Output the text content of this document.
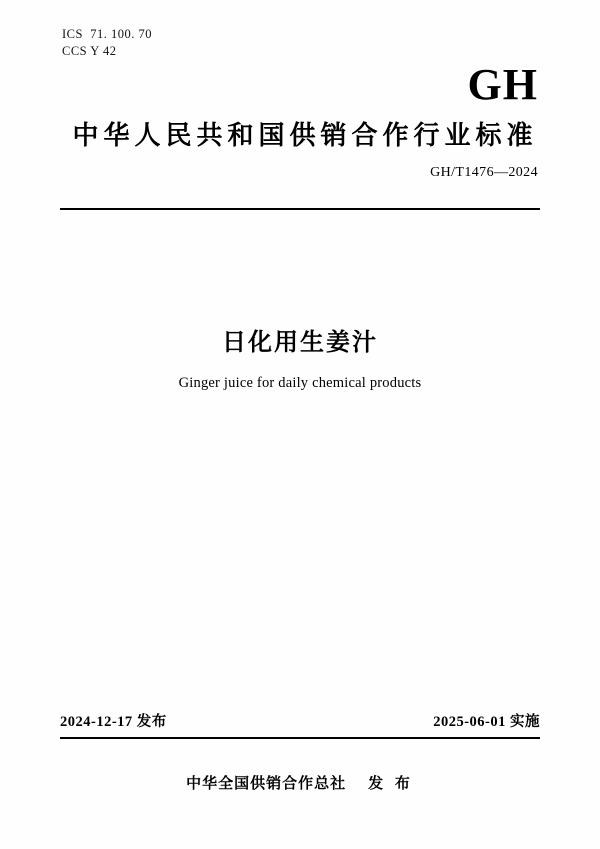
ICS  71. 100. 70
CCS Y 42
GH
中华人民共和国供销合作行业标准
GH/T1476—2024
日化用生姜汁
Ginger juice for daily chemical products
2024-12-17 发布	2025-06-01 实施
中华全国供销合作总社 发 布
